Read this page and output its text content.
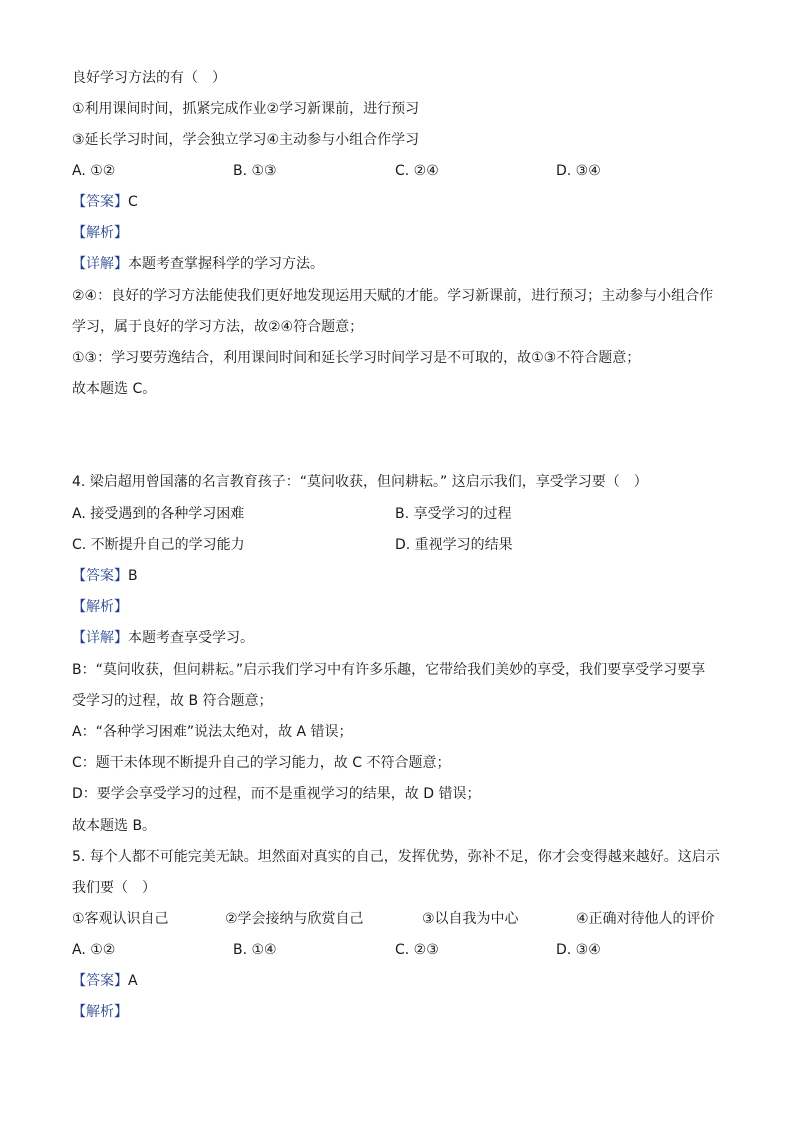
良好学习方法的有（　）
①利用课间时间，抓紧完成作业②学习新课前，进行预习
③延长学习时间，学会独立学习④主动参与小组合作学习
A. ①②	B. ①③	C. ②④	D. ③④
【答案】C
【解析】
【详解】本题考查掌握科学的学习方法。
②④：良好的学习方法能使我们更好地发现运用天赋的才能。学习新课前，进行预习；主动参与小组合作
学习，属于良好的学习方法，故②④符合题意；
①③：学习要劳逸结合，利用课间时间和延长学习时间学习是不可取的，故①③不符合题意；
故本题选 C。
4. 梁启超用曾国藩的名言教育孩子：“莫问收获，但问耕耘。” 这启示我们，享受学习要（　）
A. 接受遇到的各种学习困难	B. 享受学习的过程
C. 不断提升自己的学习能力	D. 重视学习的结果
【答案】B
【解析】
【详解】本题考查享受学习。
B：“莫问收获，但问耕耘。”启示我们学习中有许多乐趣，它带给我们美妙的享受，我们要享受学习要享
受学习的过程，故 B 符合题意；
A：“各种学习困难”说法太绝对，故 A 错误；
C：题干未体现不断提升自己的学习能力，故 C 不符合题意；
D：要学会享受学习的过程，而不是重视学习的结果，故 D 错误；
故本题选 B。
5. 每个人都不可能完美无缺。坦然面对真实的自己，发挥优势，弥补不足，你才会变得越来越好。这启示
我们要（　）
①客观认识自己	②学会接纳与欣赏自己	③以自我为中心	④正确对待他人的评价
A. ①②	B. ①④	C. ②③	D. ③④
【答案】A
【解析】
